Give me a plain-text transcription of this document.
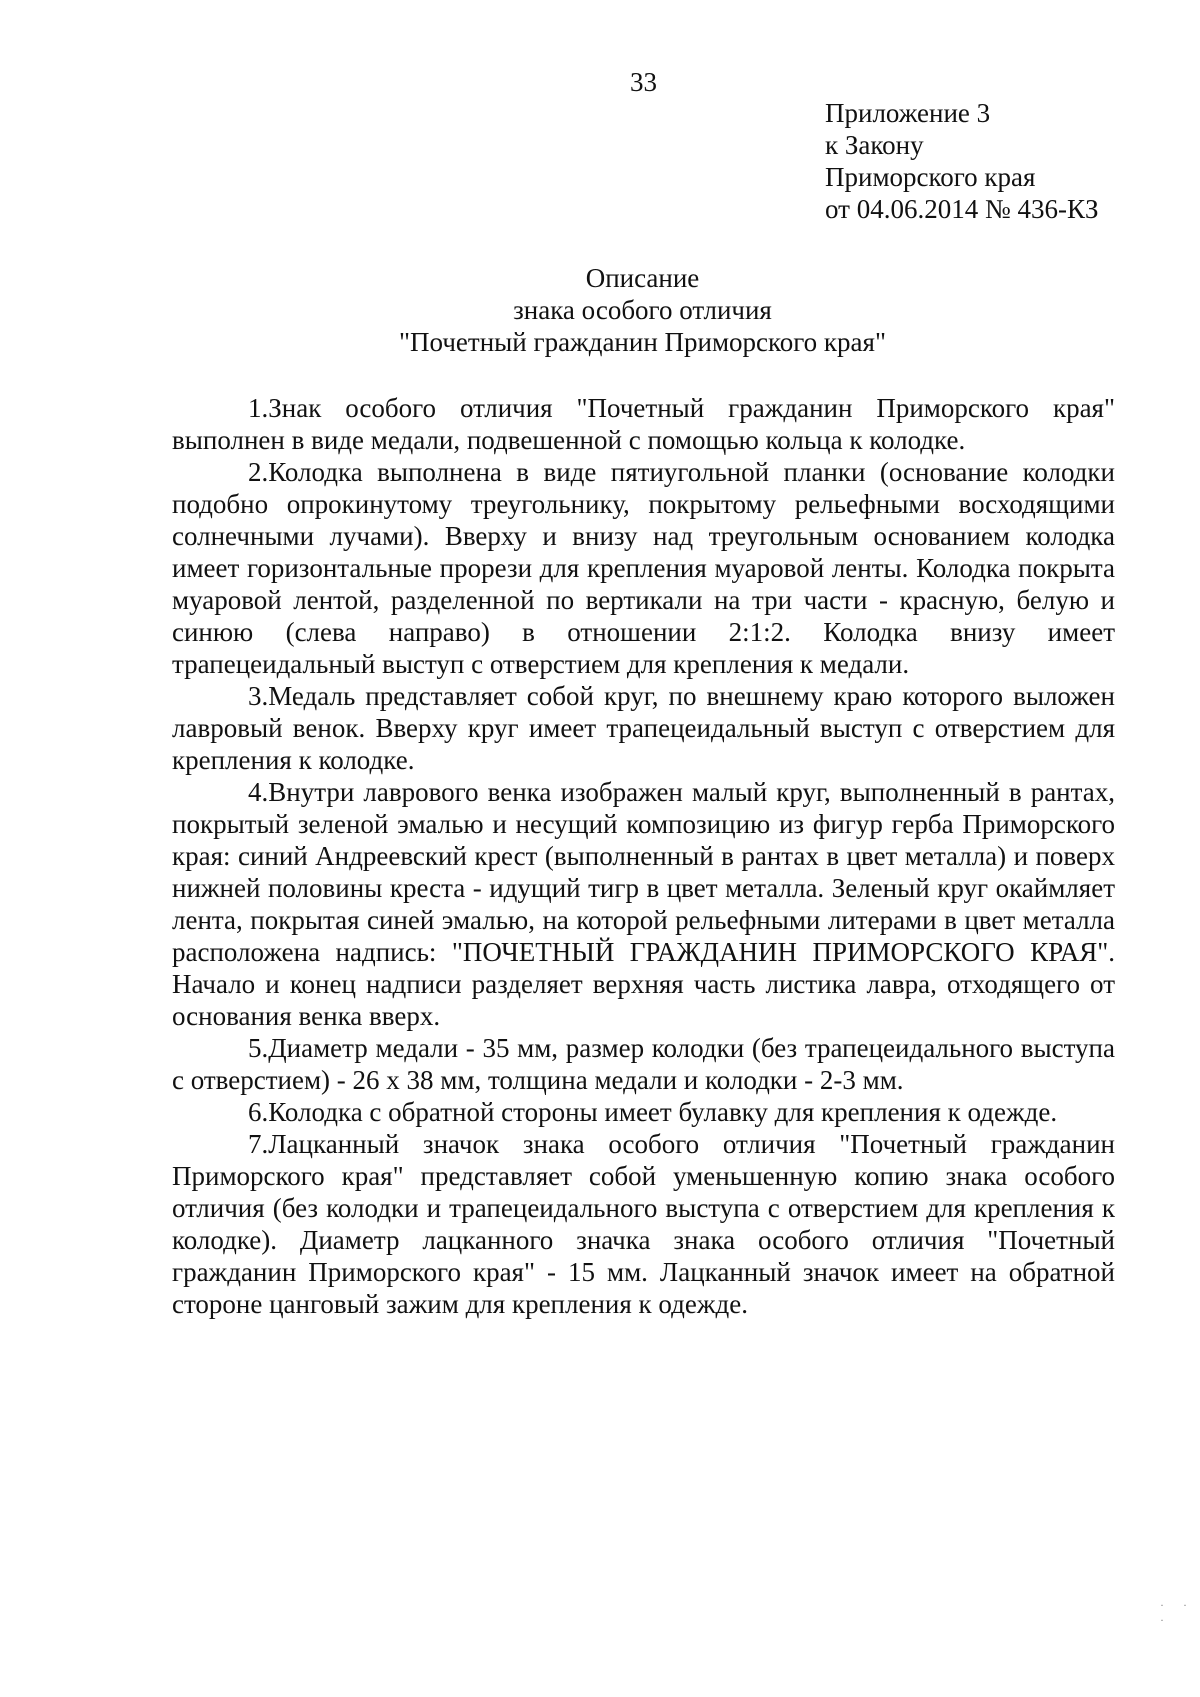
33
Приложение 3
к Закону
Приморского края
от 04.06.2014 № 436-КЗ
Описание
знака особого отличия
"Почетный гражданин Приморского края"

1.Знак особого отличия "Почетный гражданин Приморского края" выполнен в виде медали, подвешенной с помощью кольца к колодке.

2.Колодка выполнена в виде пятиугольной планки (основание колодки подобно опрокинутому треугольнику, покрытому рельефными восходящими солнечными лучами). Вверху и внизу над треугольным основанием колодка имеет горизонтальные прорези для крепления муаровой ленты. Колодка покрыта муаровой лентой, разделенной по вертикали на три части - красную, белую и синюю (слева направо) в отношении 2:1:2. Колодка внизу имеет трапецеидальный выступ с отверстием для крепления к медали.

3.Медаль представляет собой круг, по внешнему краю которого выложен лавровый венок. Вверху круг имеет трапецеидальный выступ с отверстием для крепления к колодке.

4.Внутри лаврового венка изображен малый круг, выполненный в рантах, покрытый зеленой эмалью и несущий композицию из фигур герба Приморского края: синий Андреевский крест (выполненный в рантах в цвет металла) и поверх нижней половины креста - идущий тигр в цвет металла. Зеленый круг окаймляет лента, покрытая синей эмалью, на которой рельефными литерами в цвет металла расположена надпись: "ПОЧЕТНЫЙ ГРАЖДАНИН ПРИМОРСКОГО КРАЯ". Начало и конец надписи разделяет верхняя часть листика лавра, отходящего от основания венка вверх.

5.Диаметр медали - 35 мм, размер колодки (без трапецеидального выступа с отверстием) - 26 х 38 мм, толщина медали и колодки - 2-3 мм.

6.Колодка с обратной стороны имеет булавку для крепления к одежде.

7.Лацканный значок знака особого отличия "Почетный гражданин Приморского края" представляет собой уменьшенную копию знака особого отличия (без колодки и трапецеидального выступа с отверстием для крепления к колодке). Диаметр лацканного значка знака особого отличия "Почетный гражданин Приморского края" - 15 мм. Лацканный значок имеет на обратной стороне цанговый зажим для крепления к одежде.

· · ·
